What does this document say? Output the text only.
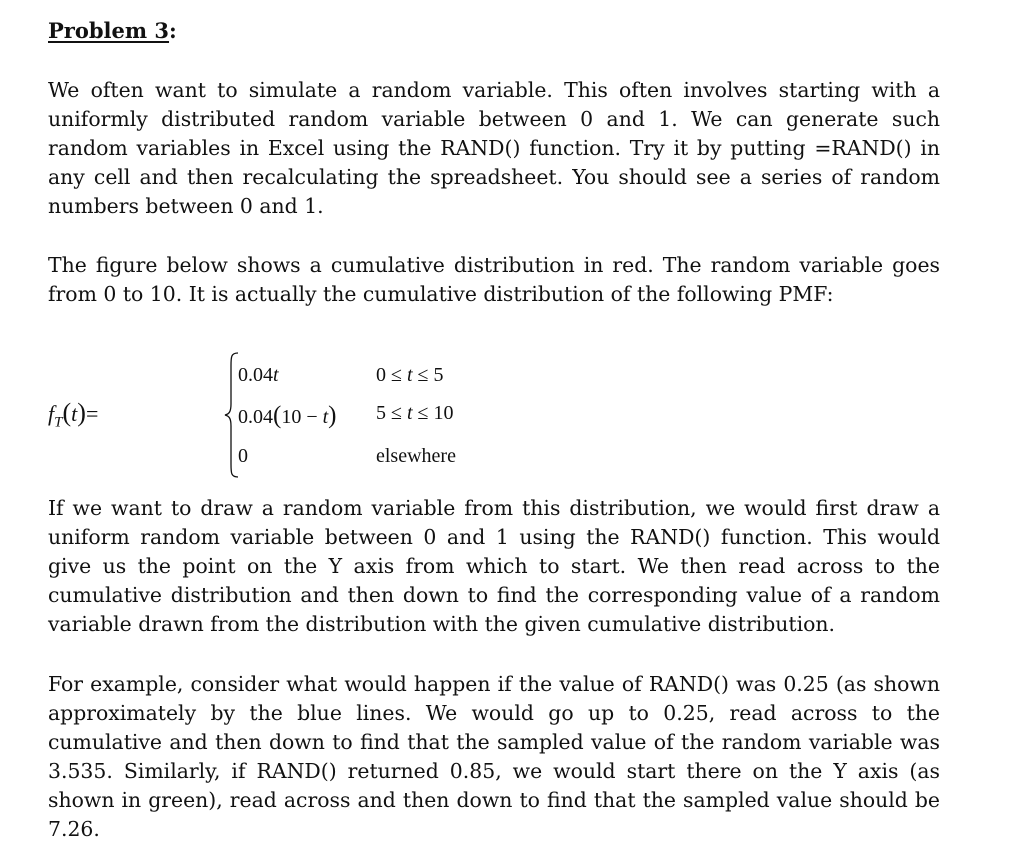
Problem 3:

We often want to simulate a random variable. This often involves starting with a uniformly distributed random variable between 0 and 1. We can generate such random variables in Excel using the RAND() function. Try it by putting =RAND() in any cell and then recalculating the spreadsheet. You should see a series of random numbers between 0 and 1.

The figure below shows a cumulative distribution in red. The random variable goes from 0 to 10. It is actually the cumulative distribution of the following PMF:

$f_T(t)=$
0.04t	0 ≤ t ≤ 5
0.04(10 − t) 5 ≤ t ≤ 10
0	elsewhere

If we want to draw a random variable from this distribution, we would first draw a uniform random variable between 0 and 1 using the RAND() function. This would give us the point on the Y axis from which to start. We then read across to the cumulative distribution and then down to find the corresponding value of a random variable drawn from the distribution with the given cumulative distribution.

For example, consider what would happen if the value of RAND() was 0.25 (as shown approximately by the blue lines. We would go up to 0.25, read across to the cumulative and then down to find that the sampled value of the random variable was 3.535. Similarly, if RAND() returned 0.85, we would start there on the Y axis (as shown in green), read across and then down to find that the sampled value should be 7.26.
